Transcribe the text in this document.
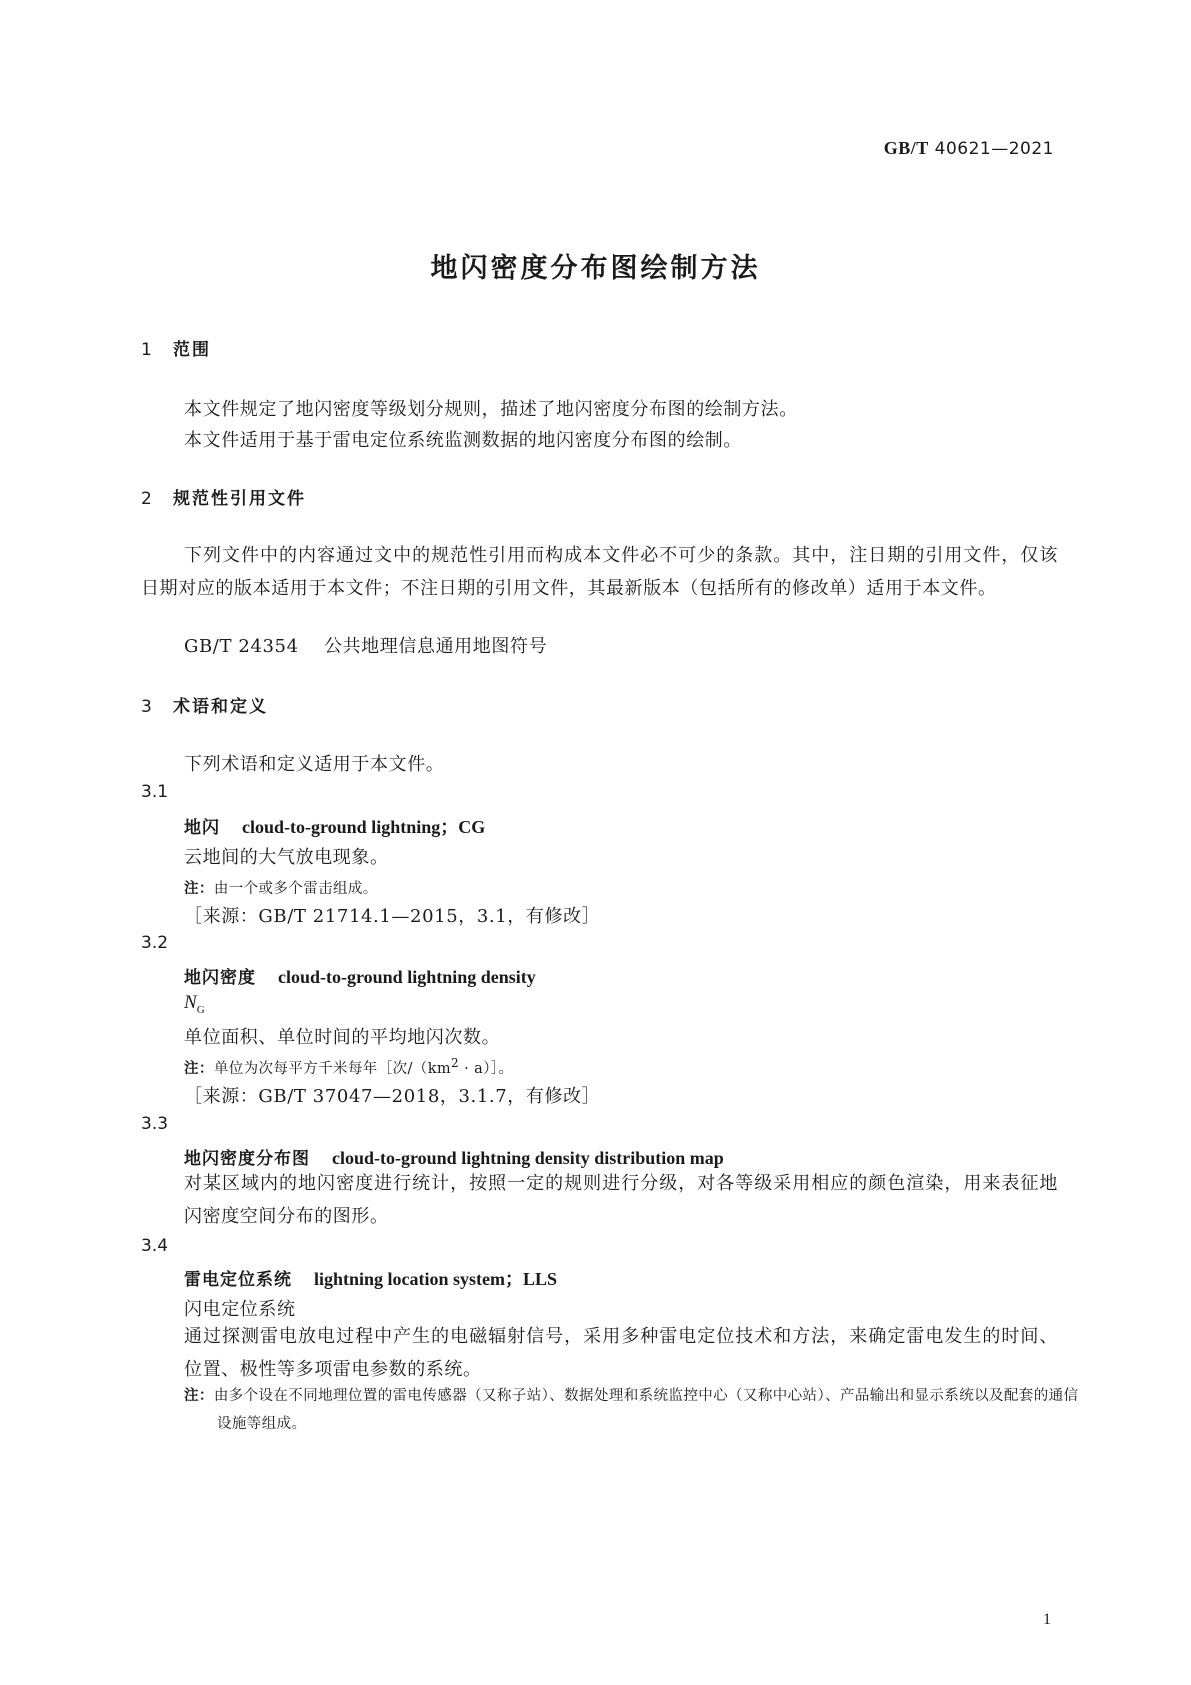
GB/T 40621—2021
地闪密度分布图绘制方法
1 范围
本文件规定了地闪密度等级划分规则，描述了地闪密度分布图的绘制方法。
本文件适用于基于雷电定位系统监测数据的地闪密度分布图的绘制。
2 规范性引用文件
下列文件中的内容通过文中的规范性引用而构成本文件必不可少的条款。其中，注日期的引用文件，仅该日期对应的版本适用于本文件；不注日期的引用文件，其最新版本（包括所有的修改单）适用于本文件。
GB/T 24354 公共地理信息通用地图符号
3 术语和定义
下列术语和定义适用于本文件。
3.1
地闪 cloud-to-ground lightning；CG
云地间的大气放电现象。
注：由一个或多个雷击组成。
［来源：GB/T 21714.1—2015，3.1，有修改］
3.2
地闪密度 cloud-to-ground lightning density
$N_G$
单位面积、单位时间的平均地闪次数。
注：单位为次每平方千米每年［次$/(km^2$ · a）］。
［来源：GB/T 37047—2018，3.1.7，有修改］
3.3
地闪密度分布图 cloud-to-ground lightning density distribution map
对某区域内的地闪密度进行统计，按照一定的规则进行分级，对各等级采用相应的颜色渲染，用来表征地闪密度空间分布的图形。
3.4
雷电定位系统 lightning location system；LLS
闪电定位系统
通过探测雷电放电过程中产生的电磁辐射信号，采用多种雷电定位技术和方法，来确定雷电发生的时间、位置、极性等多项雷电参数的系统。
注：由多个设在不同地理位置的雷电传感器（又称子站）、数据处理和系统监控中心（又称中心站）、产品输出和显示系统以及配套的通信设施等组成。
1
